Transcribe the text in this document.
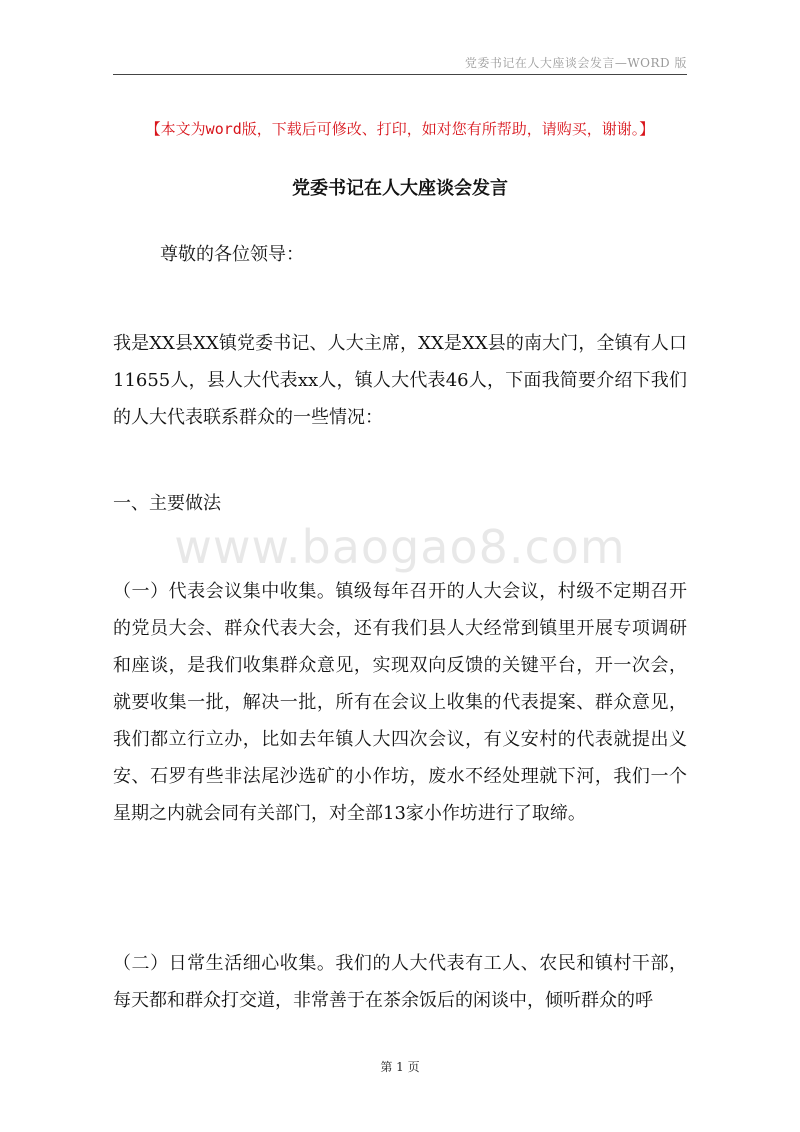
党委书记在人大座谈会发言—WORD 版
【本文为word版，下载后可修改、打印，如对您有所帮助，请购买，谢谢。】
党委书记在人大座谈会发言
尊敬的各位领导：
我是XX县XX镇党委书记、人大主席，XX是XX县的南大门，全镇有人口11655人，县人大代表xx人，镇人大代表46人，下面我简要介绍下我们的人大代表联系群众的一些情况：
一、主要做法
www.baogao8.com
（一）代表会议集中收集。镇级每年召开的人大会议，村级不定期召开的党员大会、群众代表大会，还有我们县人大经常到镇里开展专项调研和座谈，是我们收集群众意见，实现双向反馈的关键平台，开一次会，就要收集一批，解决一批，所有在会议上收集的代表提案、群众意见，我们都立行立办，比如去年镇人大四次会议，有义安村的代表就提出义安、石罗有些非法尾沙选矿的小作坊，废水不经处理就下河，我们一个星期之内就会同有关部门，对全部13家小作坊进行了取缔。
（二）日常生活细心收集。我们的人大代表有工人、农民和镇村干部，每天都和群众打交道，非常善于在茶余饭后的闲谈中，倾听群众的呼
第 1 页
